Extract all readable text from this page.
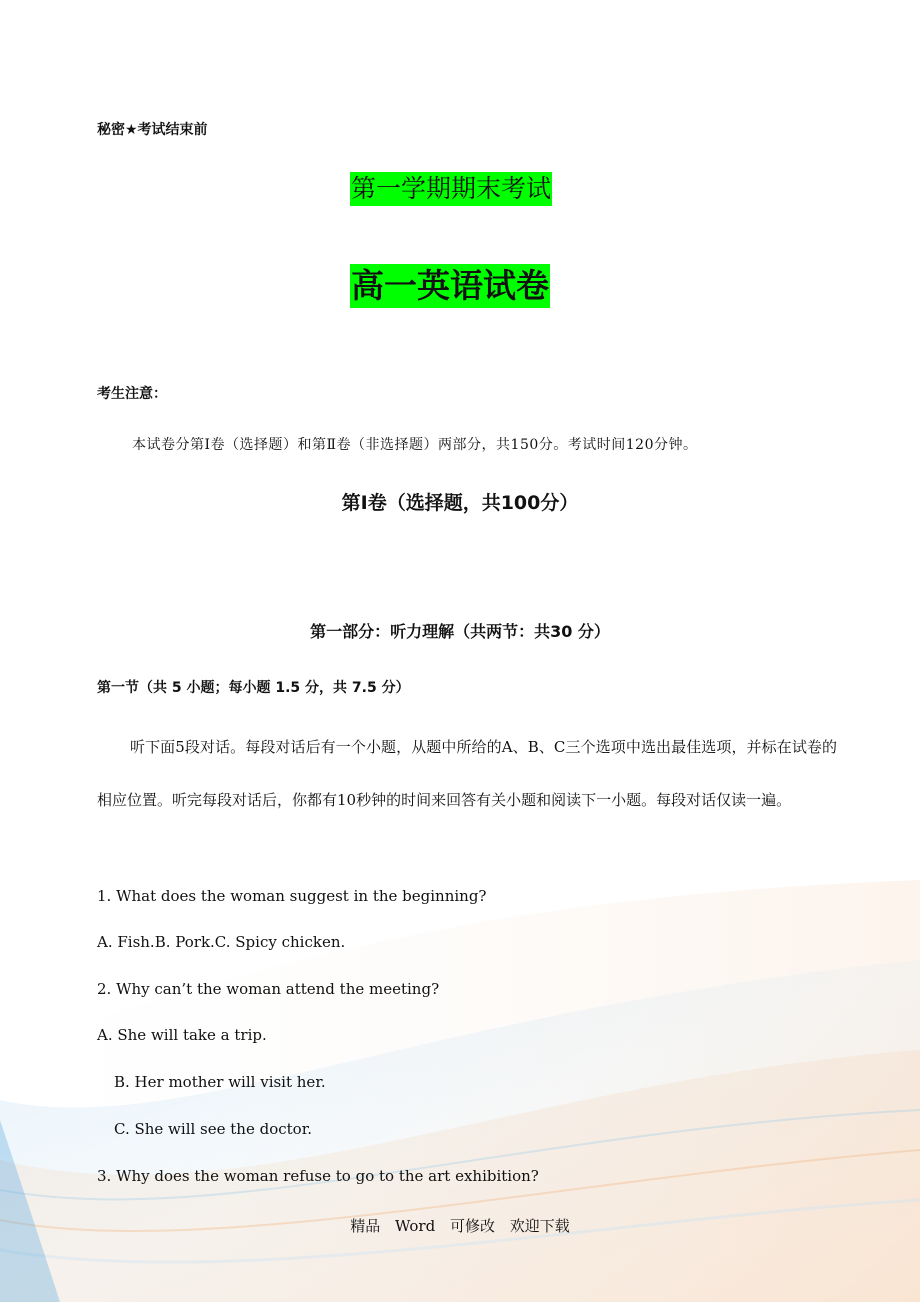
秘密★考试结束前
第一学期期末考试
高一英语试卷
考生注意：
本试卷分第Ⅰ卷（选择题）和第Ⅱ卷（非选择题）两部分，共150分。考试时间120分钟。
第Ⅰ卷（选择题，共100分）
第一部分：听力理解（共两节：共30 分）
第一节（共 5 小题；每小题 1.5 分，共 7.5 分）
听下面5段对话。每段对话后有一个小题，从题中所给的A、B、C三个选项中选出最佳选项，并标在试卷的相应位置。听完每段对话后，你都有10秒钟的时间来回答有关小题和阅读下一小题。每段对话仅读一遍。
1. What does the woman suggest in the beginning?
A. Fish.B. Pork.C. Spicy chicken.
2. Why can’t the woman attend the meeting?
A. She will take a trip.
B. Her mother will visit her.
C. She will see the doctor.
3. Why does the woman refuse to go to the art exhibition?
精品 Word 可修改 欢迎下载
